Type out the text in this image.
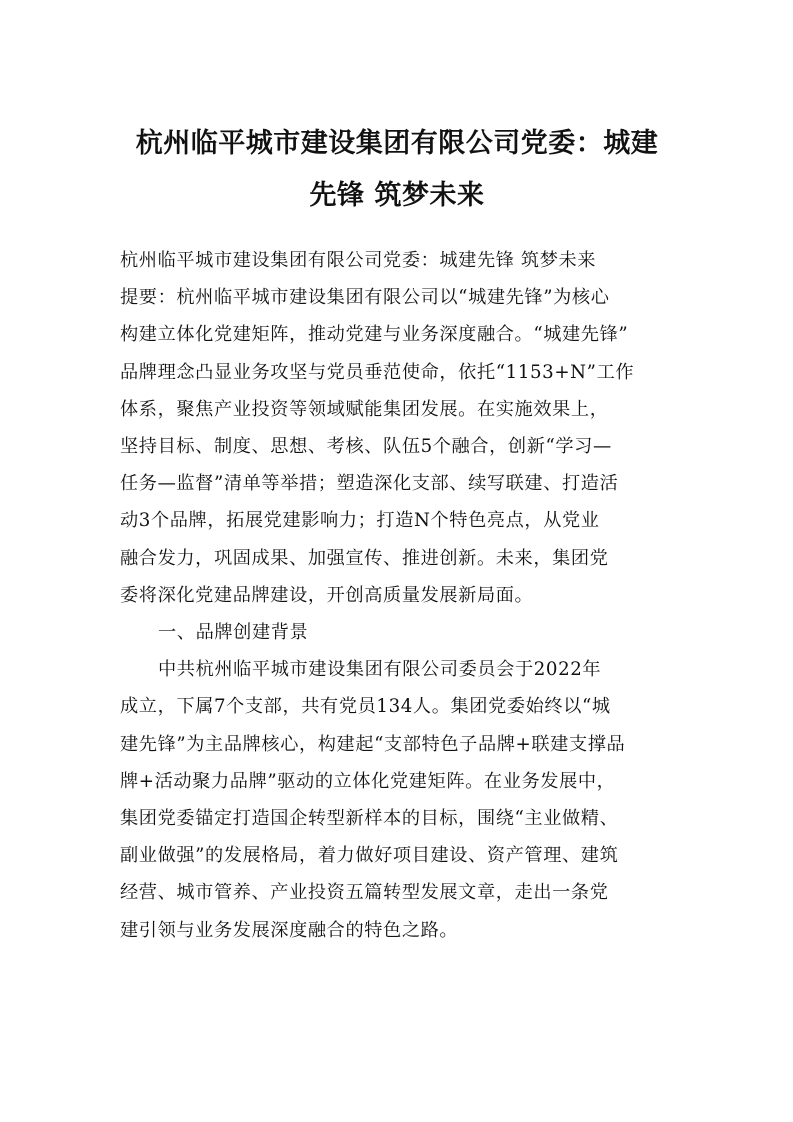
杭州临平城市建设集团有限公司党委：城建
先锋 筑梦未来

杭州临平城市建设集团有限公司党委：城建先锋 筑梦未来
提要：杭州临平城市建设集团有限公司以“城建先锋”为核心
构建立体化党建矩阵，推动党建与业务深度融合。“城建先锋”
品牌理念凸显业务攻坚与党员垂范使命，依托“1153+N”工作
体系，聚焦产业投资等领域赋能集团发展。在实施效果上，
坚持目标、制度、思想、考核、队伍5个融合，创新“学习—
任务—监督”清单等举措；塑造深化支部、续写联建、打造活
动3个品牌，拓展党建影响力；打造N个特色亮点，从党业
融合发力，巩固成果、加强宣传、推进创新。未来，集团党
委将深化党建品牌建设，开创高质量发展新局面。

一、品牌创建背景

中共杭州临平城市建设集团有限公司委员会于2022年
成立，下属7个支部，共有党员134人。集团党委始终以“城
建先锋”为主品牌核心，构建起“支部特色子品牌+联建支撑品
牌+活动聚力品牌”驱动的立体化党建矩阵。在业务发展中，
集团党委锚定打造国企转型新样本的目标，围绕“主业做精、
副业做强”的发展格局，着力做好项目建设、资产管理、建筑
经营、城市管养、产业投资五篇转型发展文章，走出一条党
建引领与业务发展深度融合的特色之路。
